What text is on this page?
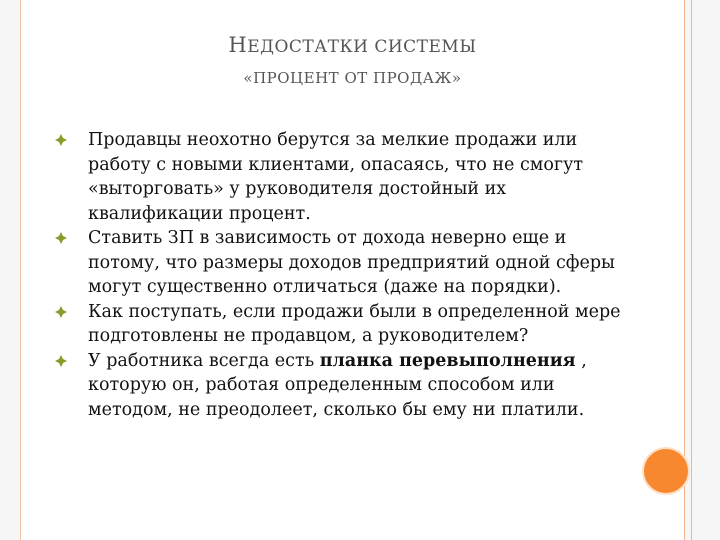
НЕДОСТАТКИ СИСТЕМЫ
«ПРОЦЕНТ ОТ ПРОДАЖ»

Продавцы неохотно берутся за мелкие продажи или работу с новыми клиентами, опасаясь, что не смогут «выторговать» у руководителя достойный их квалификации процент.

Ставить ЗП в зависимость от дохода неверно еще и потому, что размеры доходов предприятий одной сферы могут существенно отличаться (даже на порядки).

Как поступать, если продажи были в определенной мере подготовлены не продавцом, а руководителем?

У работника всегда есть планка перевыполнения , которую он, работая определенным способом или методом, не преодолеет, сколько бы ему ни платили.
